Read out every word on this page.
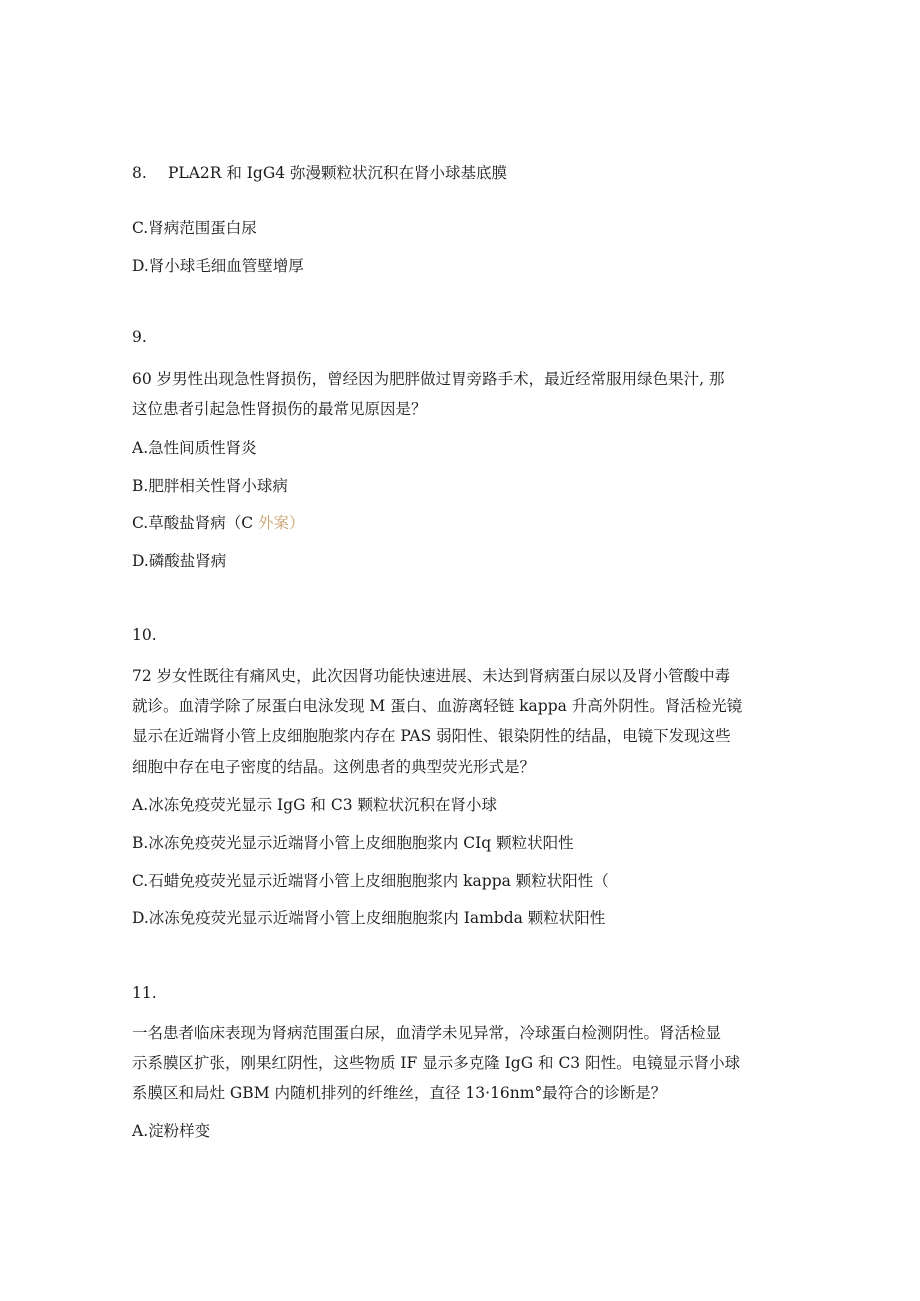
8. PLA2R 和 IgG4 弥漫颗粒状沉积在肾小球基底膜
C.肾病范围蛋白尿
D.肾小球毛细血管壁增厚
9.
60 岁男性出现急性肾损伤，曾经因为肥胖做过胃旁路手术，最近经常服用绿色果汁, 那
这位患者引起急性肾损伤的最常见原因是？
A.急性间质性肾炎
B.肥胖相关性肾小球病
C.草酸盐肾病（C 外案）
D.磷酸盐肾病
10.
72 岁女性既往有痛风史，此次因肾功能快速进展、未达到肾病蛋白尿以及肾小管酸中毒
就诊。血清学除了尿蛋白电泳发现 M 蛋白、血游离轻链 kappa 升高外阴性。肾活检光镜
显示在近端肾小管上皮细胞胞浆内存在 PAS 弱阳性、银染阴性的结晶，电镜下发现这些
细胞中存在电子密度的结晶。这例患者的典型荧光形式是？
A.冰冻免疫荧光显示 IgG 和 C3 颗粒状沉积在肾小球
B.冰冻免疫荧光显示近端肾小管上皮细胞胞浆内 CIq 颗粒状阳性
C.石蜡免疫荧光显示近端肾小管上皮细胞胞浆内 kappa 颗粒状阳性（
D.冰冻免疫荧光显示近端肾小管上皮细胞胞浆内 Iambda 颗粒状阳性
11.
一名患者临床表现为肾病范围蛋白尿，血清学未见异常，冷球蛋白检测阴性。肾活检显
示系膜区扩张，刚果红阴性，这些物质 IF 显示多克隆 IgG 和 C3 阳性。电镜显示肾小球
系膜区和局灶 GBM 内随机排列的纤维丝，直径 13·16nm°最符合的诊断是？
A.淀粉样变
